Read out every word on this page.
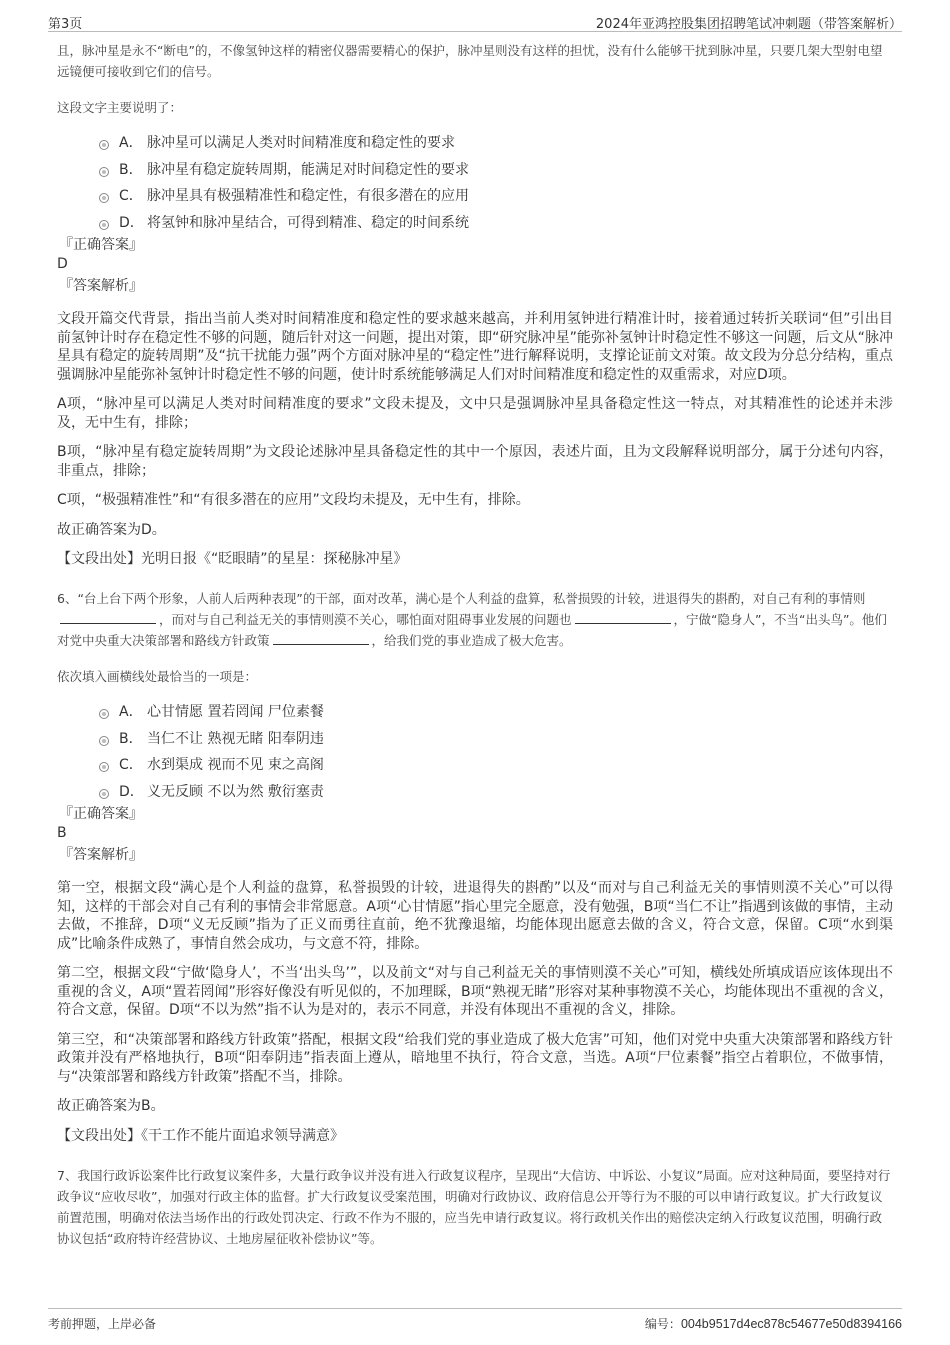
第3页	2024年亚鸿控股集团招聘笔试冲刺题（带答案解析）

且，脉冲星是永不“断电”的，不像氢钟这样的精密仪器需要精心的保护，脉冲星则没有这样的担忧，没有什么能够干扰到脉冲星，只要几架大型射电望远镜便可接收到它们的信号。

这段文字主要说明了：

A． 脉冲星可以满足人类对时间精准度和稳定性的要求
B． 脉冲星有稳定旋转周期，能满足对时间稳定性的要求
C． 脉冲星具有极强精准性和稳定性，有很多潜在的应用
D． 将氢钟和脉冲星结合，可得到精准、稳定的时间系统

『正确答案』

D

『答案解析』

文段开篇交代背景，指出当前人类对时间精准度和稳定性的要求越来越高，并利用氢钟进行精准计时，接着通过转折关联词“但”引出目前氢钟计时存在稳定性不够的问题，随后针对这一问题，提出对策，即“研究脉冲星”能弥补氢钟计时稳定性不够这一问题，后文从“脉冲星具有稳定的旋转周期”及“抗干扰能力强”两个方面对脉冲星的“稳定性”进行解释说明，支撑论证前文对策。故文段为分总分结构，重点强调脉冲星能弥补氢钟计时稳定性不够的问题，使计时系统能够满足人们对时间精准度和稳定性的双重需求，对应D项。

A项，“脉冲星可以满足人类对时间精准度的要求”文段未提及，文中只是强调脉冲星具备稳定性这一特点，对其精准性的论述并未涉及，无中生有，排除；

B项，“脉冲星有稳定旋转周期”为文段论述脉冲星具备稳定性的其中一个原因，表述片面，且为文段解释说明部分，属于分述句内容，非重点，排除；

C项，“极强精准性”和“有很多潜在的应用”文段均未提及，无中生有，排除。

故正确答案为D。

【文段出处】光明日报《“眨眼睛”的星星：探秘脉冲星》

6、“台上台下两个形象，人前人后两种表现”的干部，面对改革，满心是个人利益的盘算，私誉损毁的计较，进退得失的斟酌，对自己有利的事情则，而对与自己利益无关的事情则漠不关心，哪怕面对阻碍事业发展的问题也	，宁做“隐身人”，不当“出头鸟”。他们对党中央重大决策部署和路线方针政策	，给我们党的事业造成了极大危害。

依次填入画横线处最恰当的一项是：

A． 心甘情愿 置若罔闻 尸位素餐
B． 当仁不让 熟视无睹 阳奉阴违
C． 水到渠成 视而不见 束之高阁
D． 义无反顾 不以为然 敷衍塞责

『正确答案』

B

『答案解析』

第一空，根据文段“满心是个人利益的盘算，私誉损毁的计较，进退得失的斟酌”以及“而对与自己利益无关的事情则漠不关心”可以得知，这样的干部会对自己有利的事情会非常愿意。A项“心甘情愿”指心里完全愿意，没有勉强，B项“当仁不让”指遇到该做的事情，主动去做，不推辞，D项“义无反顾”指为了正义而勇往直前，绝不犹豫退缩，均能体现出愿意去做的含义，符合文意，保留。C项“水到渠成”比喻条件成熟了，事情自然会成功，与文意不符，排除。

第二空，根据文段“宁做‘隐身人’，不当‘出头鸟’”，以及前文“对与自己利益无关的事情则漠不关心”可知，横线处所填成语应该体现出不重视的含义，A项“置若罔闻”形容好像没有听见似的，不加理睬，B项“熟视无睹”形容对某种事物漠不关心，均能体现出不重视的含义，符合文意，保留。D项“不以为然”指不认为是对的，表示不同意，并没有体现出不重视的含义，排除。

第三空，和“决策部署和路线方针政策”搭配，根据文段“给我们党的事业造成了极大危害”可知，他们对党中央重大决策部署和路线方针政策并没有严格地执行，B项“阳奉阴违”指表面上遵从，暗地里不执行，符合文意，当选。A项“尸位素餐”指空占着职位，不做事情，与“决策部署和路线方针政策”搭配不当，排除。

故正确答案为B。

【文段出处】《干工作不能片面追求领导满意》

7、我国行政诉讼案件比行政复议案件多，大量行政争议并没有进入行政复议程序，呈现出“大信访、中诉讼、小复议”局面。应对这种局面，要坚持对行政争议“应收尽收”，加强对行政主体的监督。扩大行政复议受案范围，明确对行政协议、政府信息公开等行为不服的可以申请行政复议。扩大行政复议前置范围，明确对依法当场作出的行政处罚决定、行政不作为不服的，应当先申请行政复议。将行政机关作出的赔偿决定纳入行政复议范围，明确行政协议包括“政府特许经营协议、土地房屋征收补偿协议”等。

考前押题，上岸必备	编号：004b9517d4ec878c54677e50d8394166
